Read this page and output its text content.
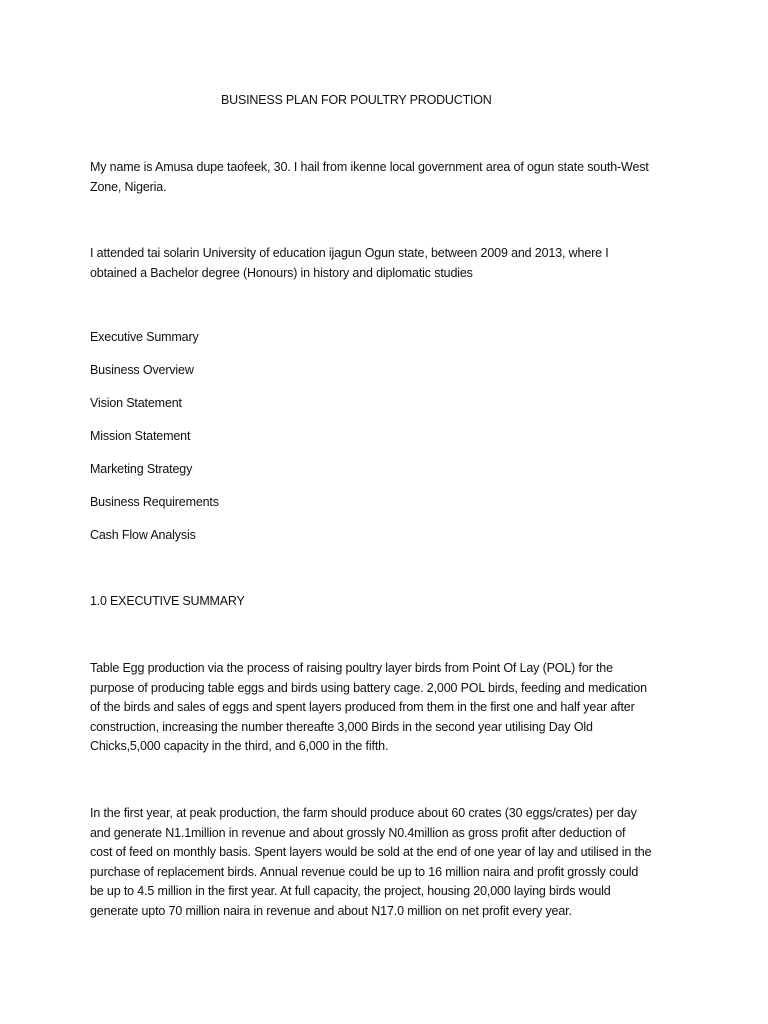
BUSINESS PLAN FOR POULTRY PRODUCTION
My name is Amusa dupe taofeek, 30. I hail from ikenne local government area of ogun state south-West
Zone, Nigeria.
I attended tai solarin University of education ijagun Ogun state, between 2009 and 2013, where I
obtained a Bachelor degree (Honours) in history and diplomatic studies
Executive Summary
Business Overview
Vision Statement
Mission Statement
Marketing Strategy
Business Requirements
Cash Flow Analysis
1.0 EXECUTIVE SUMMARY
Table Egg production via the process of raising poultry layer birds from Point Of Lay (POL) for the
purpose of producing table eggs and birds using battery cage. 2,000 POL birds, feeding and medication
of the birds and sales of eggs and spent layers produced from them in the first one and half year after
construction, increasing the number thereafte 3,000 Birds in the second year utilising Day Old
Chicks,5,000 capacity in the third, and 6,000 in the fifth.
In the first year, at peak production, the farm should produce about 60 crates (30 eggs/crates) per day
and generate N1.1million in revenue and about grossly N0.4million as gross profit after deduction of
cost of feed on monthly basis. Spent layers would be sold at the end of one year of lay and utilised in the
purchase of replacement birds. Annual revenue could be up to 16 million naira and profit grossly could
be up to 4.5 million in the first year. At full capacity, the project, housing 20,000 laying birds would
generate upto 70 million naira in revenue and about N17.0 million on net profit every year.
